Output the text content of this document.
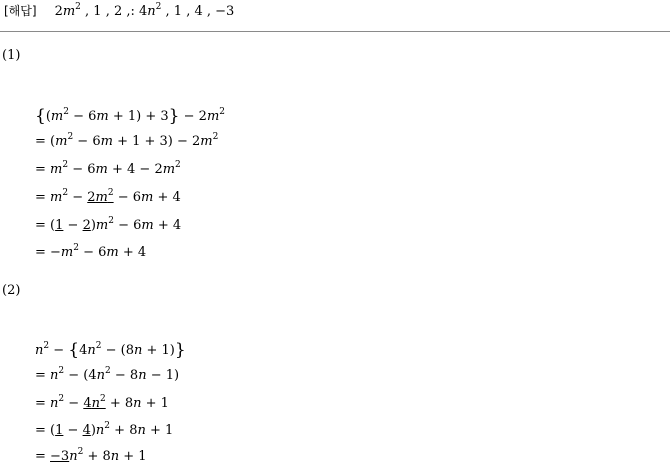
[해답] $2m^2$ , 1 , 2 ,: $4n^2$ , 1 , 4 , −3
(1)
$\{(m^2 - 6m + 1) + 3\} - 2m^2$
= $(m^2 - 6m + 1 + 3) - 2m^2$
= $m^2 - 6m + 4 - 2m^2$
= $m^2 - 2m^2 - 6m + 4$
= $(1 - 2)m^2 - 6m + 4$
= $-m^2 - 6m + 4$
(2)
$n^2 - \{4n^2 - (8n + 1)\}$
= $n^2 - (4n^2 - 8n - 1)$
= $n^2 - 4n^2 + 8n + 1$
= $(1 - 4)n^2 + 8n + 1$
= $-3n^2 + 8n + 1$
